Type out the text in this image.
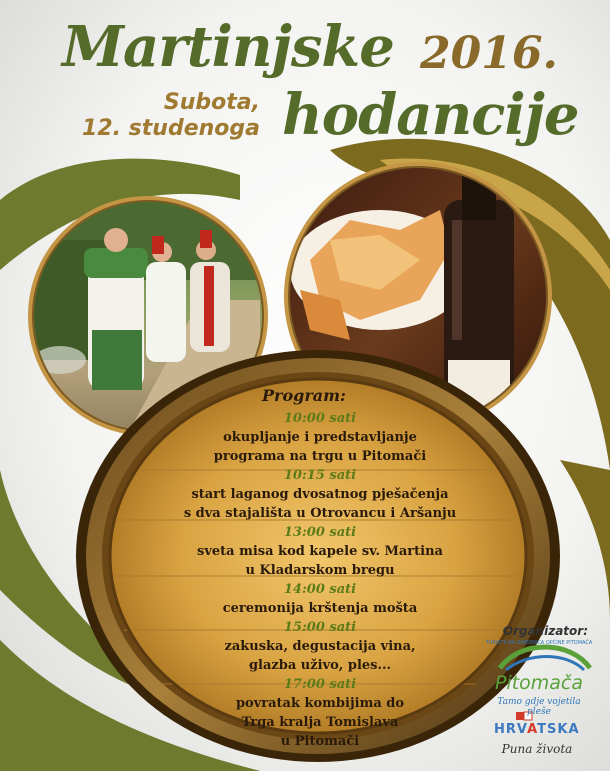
Martinjske 2016.
Subota,
12. studenoga hodancije
Program:
10:00 sati
okupljanje i predstavljanje
programa na trgu u Pitomači
10:15 sati
start laganog dvosatnog pješačenja
s dva stajališta u Otrovancu i Aršanju
13:00 sati
sveta misa kod kapele sv. Martina
u Kladarskom bregu
14:00 sati
ceremonija krštenja mošta
15:00 sati
zakuska, degustacija vina,
glazba uživo, ples...
17:00 sati
povratak kombijima do
Trga kralja Tomislava
u Pitomači
Organizator:
TURISTIČKA ZAJEDNICA OPĆINE PITOMAČA
Pitomača
Tamo gdje vojetila pleše
HRVATSKA
Puna života
